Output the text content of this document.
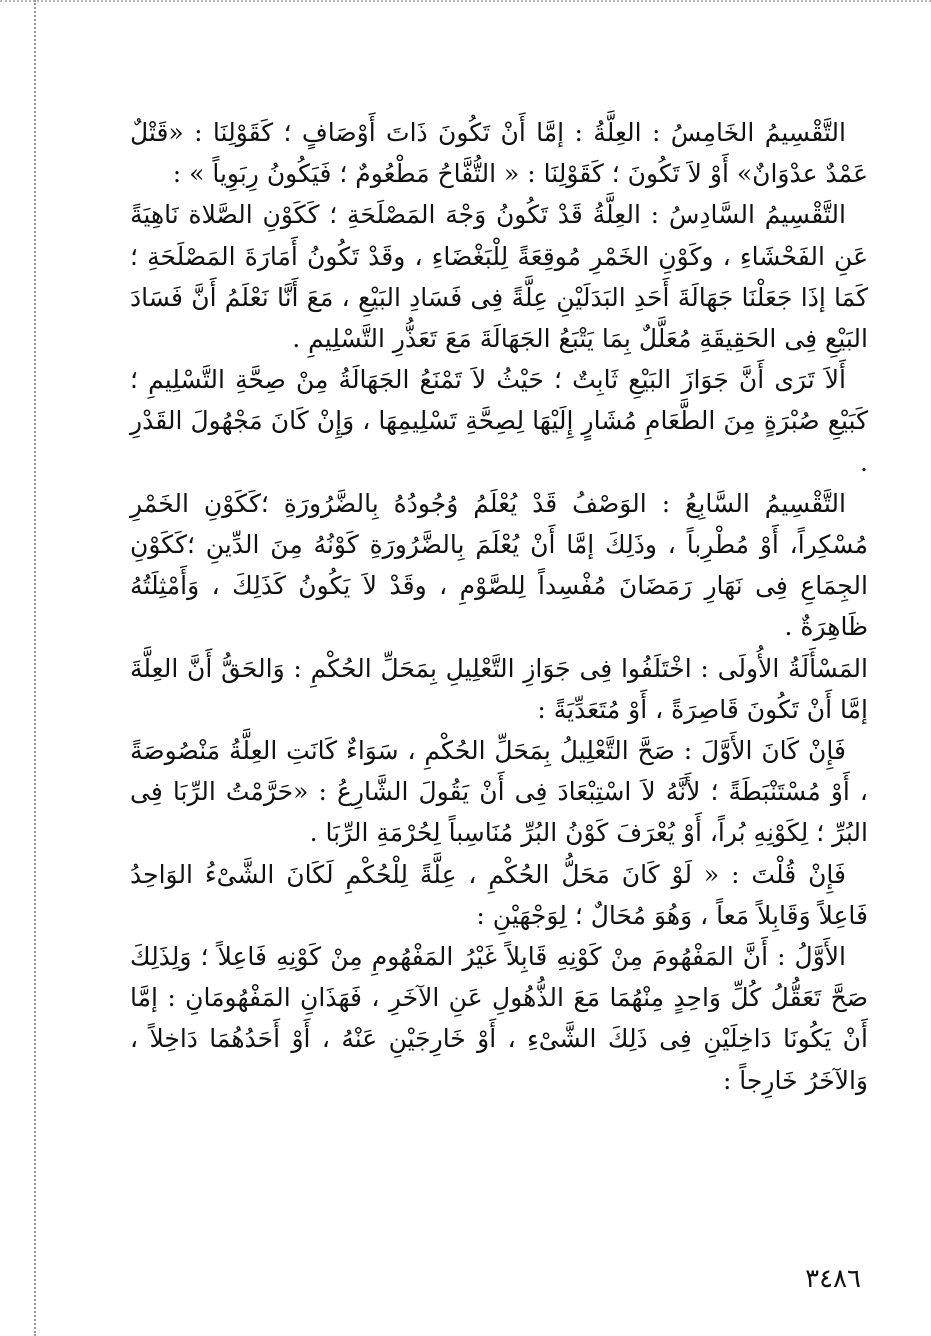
التَّقْسِيمُ الخَامِسُ : العِلَّةُ : إمَّا أَنْ تَكُونَ ذَاتَ أَوْصَافٍ ؛ كَقَوْلِنَا : «قَتْلٌ عَمْدٌ عدْوَانٌ» أَوْ لاَ تَكُونَ ؛ كَقَوْلِنَا : « التُّفَّاحُ مَطْعُومٌ ؛ فَيَكُونُ رِبَوِياً » :

التَّقْسِيمُ السَّادِسُ : العِلَّةُ قَدْ تَكُونُ وَجْهَ المَصْلَحَةِ ؛ كَكَوْنِ الصَّلاة نَاهِيَةً عَنِ الفَحْشَاءِ ، وكَوْنِ الخَمْرِ مُوقِعَةً لِلْبَغْضَاءِ ، وقَدْ تَكُونُ أَمَارَةَ المَصْلَحَةِ ؛كَمَا إذَا جَعَلْنَا جَهَالَةَ أَحَدِ البَدَلَيْنِ عِلَّةً فِى فَسَادِ البَيْعِ ، مَعَ أَنَّا نَعْلَمُ أَنَّ فَسَادَ البَيْعِ فِى الحَقِيقَةِ مُعَلَّلٌ بِمَا يَتْبَعُ الجَهَالَةَ مَعَ تَعَذُّرِ التَّسْلِيمِ .

أَلاَ تَرَى أَنَّ جَوَازَ البَيْعِ ثَابِتٌ ؛ حَيْثُ لاَ تَمْنَعُ الجَهَالَةُ مِنْ صِحَّةِ التَّسْلِيمِ ؛كَبَيْعِ صُبْرَةٍ مِنَ الطَّعَامِ مُشَارٍ إِلَيْهَا لِصِحَّةِ تَسْلِيمِهَا ، وَإِنْ كَانَ مَجْهُولَ القَدْرِ .

التَّقْسِيمُ السَّابِعُ : الوَصْفُ قَدْ يُعْلَمُ وُجُودُهُ بِالضَّرُورَةِ ؛كَكَوْنِ الخَمْرِ مُسْكِراً، أَوْ مُطْرِباً ، وذَلِكَ إمَّا أَنْ يُعْلَمَ بِالضَّرُورَةِ كَوْنُهُ مِنَ الدِّينِ ؛كَكَوْنِ الجِمَاعِ فِى نَهَارِ رَمَضَانَ مُفْسِداً لِلصَّوْمِ ، وقَدْ لاَ يَكُونُ كَذَلِكَ ، وَأَمْثِلَتُهُ ظَاهِرَةٌ .

المَسْأَلَةُ الأُولَى : اخْتَلَفُوا فِى جَوَازِ التَّعْلِيلِ بِمَحَلِّ الحُكْمِ : وَالحَقُّ أَنَّ العِلَّةَ إمَّا أَنْ تَكُونَ قَاصِرَةً ، أَوْ مُتَعَدِّيَةً :

فَإِنْ كَانَ الأَوَّلَ : صَحَّ التَّعْلِيلُ بِمَحَلِّ الحُكْمِ ، سَوَاءٌ كَانَتِ العِلَّةُ مَنْصُوصَةً ، أَوْ مُسْتَنْبَطَةً ؛ لأَنَّهُ لاَ اسْتِبْعَادَ فِى أَنْ يَقُولَ الشَّارِعُ : «حَرَّمْتُ الرِّبَا فِى البُرِّ ؛ لِكَوْنِهِ بُراً، أَوْ يُعْرَفَ كَوْنُ البُرِّ مُنَاسِباً لِحُرْمَةِ الرِّبَا .

فَإِنْ قُلْتَ : « لَوْ كَانَ مَحَلُّ الحُكْمِ ، عِلَّةً لِلْحُكْمِ لَكَانَ الشَّىْءُ الوَاحِدُ فَاعِلاً وَقَابِلاً مَعاً ، وَهُوَ مُحَالٌ ؛ لِوَجْهَيْنِ :

الأَوَّلُ : أَنَّ المَفْهُومَ مِنْ كَوْنِهِ قَابِلاً غَيْرُ المَفْهُومِ مِنْ كَوْنِهِ فَاعِلاً ؛ وَلِذَلِكَ صَحَّ تَعَقُّلُ كُلِّ وَاحِدٍ مِنْهُمَا مَعَ الذُّهُولِ عَنِ الآخَرِ ، فَهَذَانِ المَفْهُومَانِ : إمَّا أَنْ يَكُونَا دَاخِلَيْنِ فِى ذَلِكَ الشَّىْءِ ، أَوْ خَارِجَيْنِ عَنْهُ ، أَوْ أَحَدُهُمَا دَاخِلاً ، وَالآخَرُ خَارِجاً :

٣٤٨٦
